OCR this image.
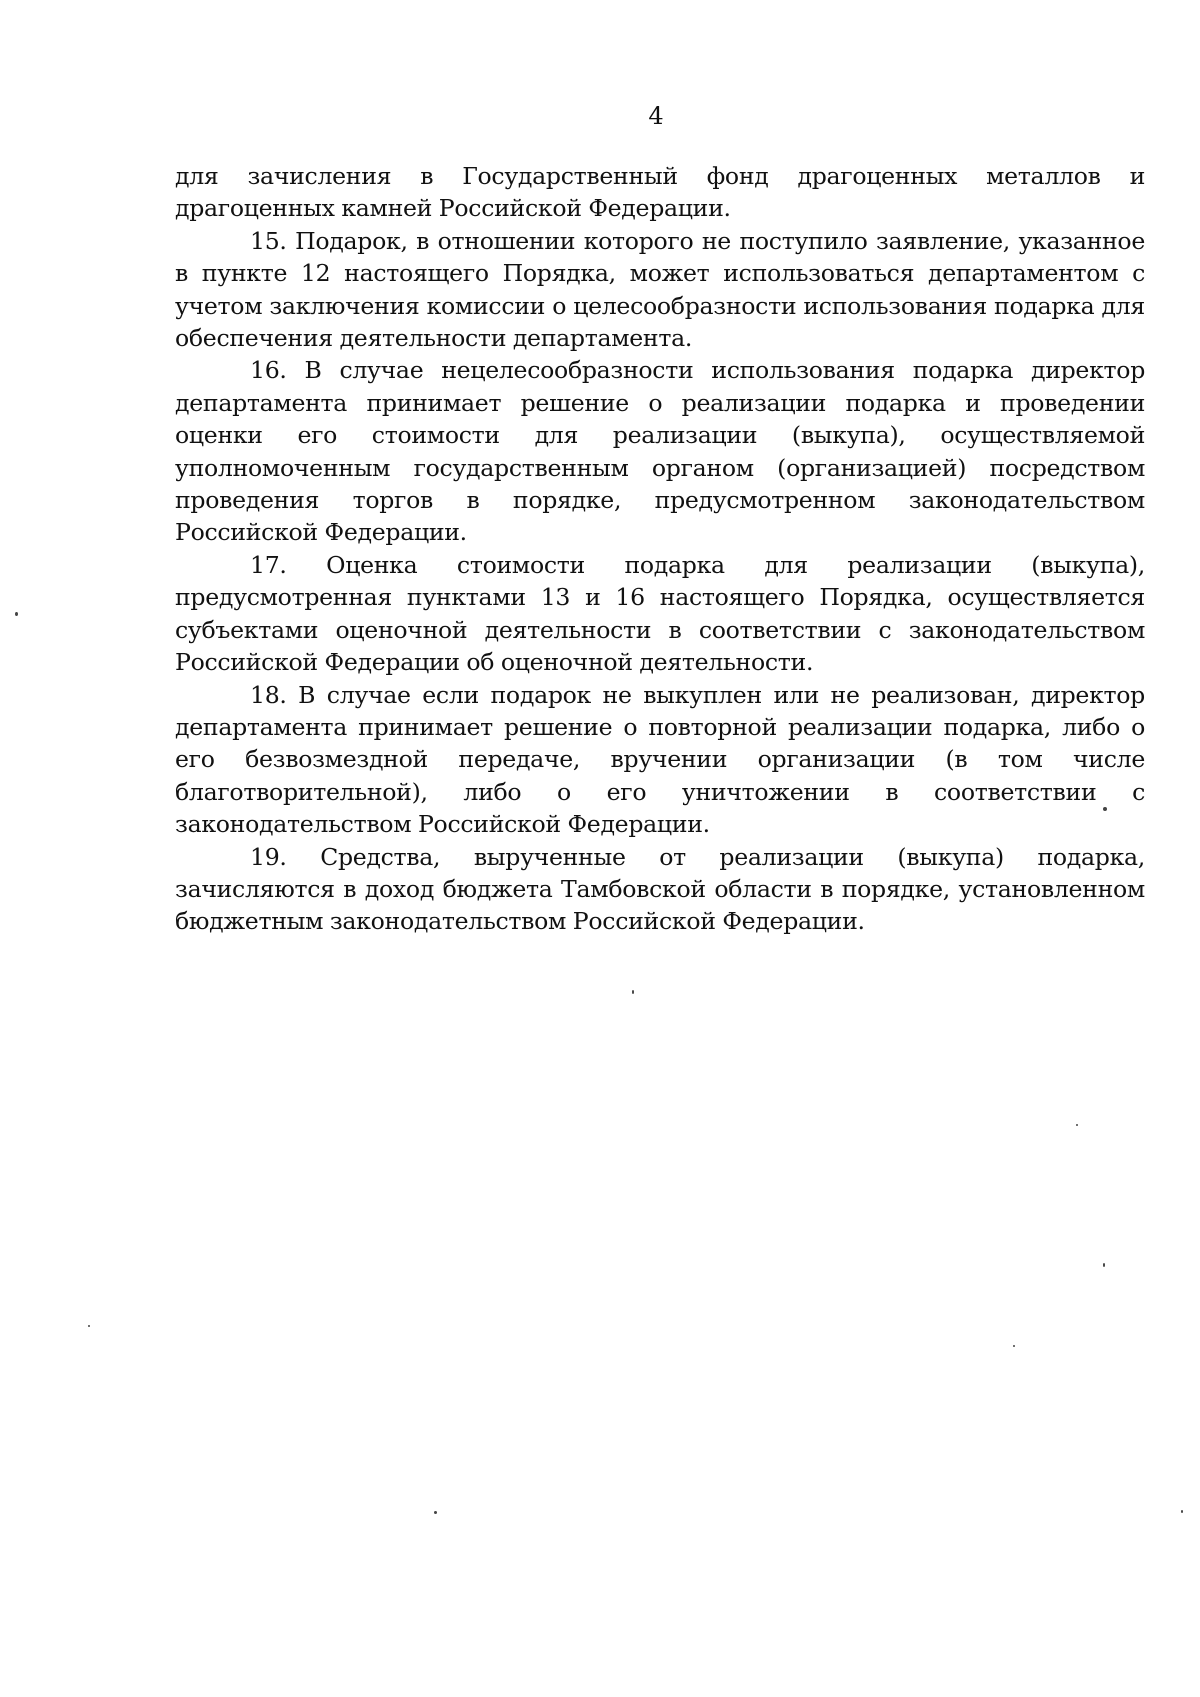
4

для зачисления в Государственный фонд драгоценных металлов и драгоценных камней Российской Федерации.

15. Подарок, в отношении которого не поступило заявление, указанное в пункте 12 настоящего Порядка, может использоваться департаментом с учетом заключения комиссии о целесообразности использования подарка для обеспечения деятельности департамента.

16. В случае нецелесообразности использования подарка директор департамента принимает решение о реализации подарка и проведении оценки его стоимости для реализации (выкупа), осуществляемой уполномоченным государственным органом (организацией) посредством проведения торгов в порядке, предусмотренном законодательством Российской Федерации.

17. Оценка стоимости подарка для реализации (выкупа), предусмотренная пунктами 13 и 16 настоящего Порядка, осуществляется субъектами оценочной деятельности в соответствии с законодательством Российской Федерации об оценочной деятельности.

18. В случае если подарок не выкуплен или не реализован, директор департамента принимает решение о повторной реализации подарка, либо о его безвозмездной передаче, вручении организации (в том числе благотворительной), либо о его уничтожении в соответствии с законодательством Российской Федерации.

19. Средства, вырученные от реализации (выкупа) подарка, зачисляются в доход бюджета Тамбовской области в порядке, установленном бюджетным законодательством Российской Федерации.
